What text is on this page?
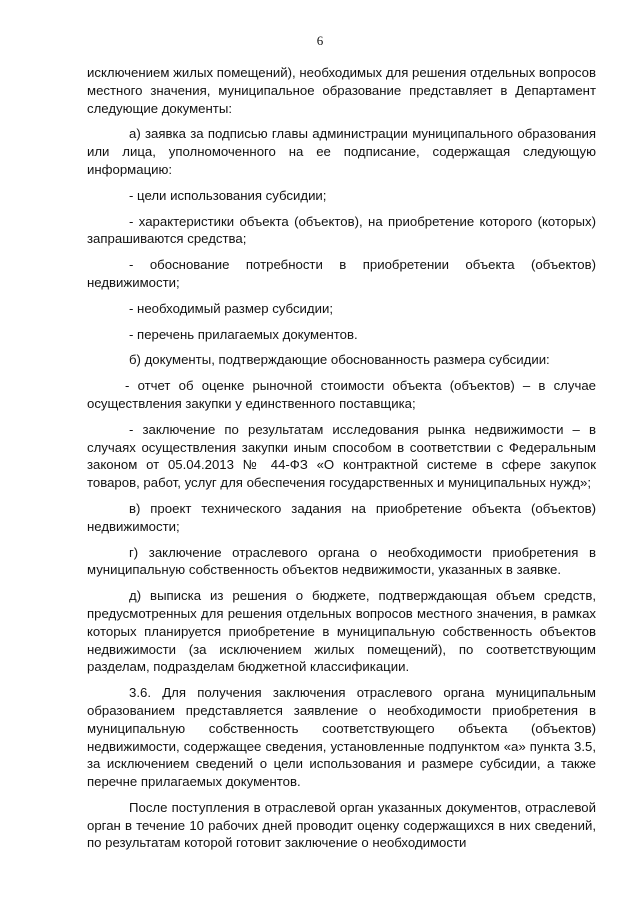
6

исключением жилых помещений), необходимых для решения отдельных вопросов местного значения, муниципальное образование представляет в Департамент следующие документы:

а) заявка за подписью главы администрации муниципального образования или лица, уполномоченного на ее подписание, содержащая следующую информацию:

- цели использования субсидии;

- характеристики объекта (объектов), на приобретение которого (которых) запрашиваются средства;

- обоснование потребности в приобретении объекта (объектов) недвижимости;

- необходимый размер субсидии;

- перечень прилагаемых документов.

б) документы, подтверждающие обоснованность размера субсидии:

- отчет об оценке рыночной стоимости объекта (объектов) – в случае осуществления закупки у единственного поставщика;

- заключение по результатам исследования рынка недвижимости – в случаях осуществления закупки иным способом в соответствии с Федеральным законом от 05.04.2013 № 44-ФЗ «О контрактной системе в сфере закупок товаров, работ, услуг для обеспечения государственных и муниципальных нужд»;

в) проект технического задания на приобретение объекта (объектов) недвижимости;

г) заключение отраслевого органа о необходимости приобретения в муниципальную собственность объектов недвижимости, указанных в заявке.

д) выписка из решения о бюджете, подтверждающая объем средств, предусмотренных для решения отдельных вопросов местного значения, в рамках которых планируется приобретение в муниципальную собственность объектов недвижимости (за исключением жилых помещений), по соответствующим разделам, подразделам бюджетной классификации.

3.6. Для получения заключения отраслевого органа муниципальным образованием представляется заявление о необходимости приобретения в муниципальную собственность соответствующего объекта (объектов) недвижимости, содержащее сведения, установленные подпунктом «а» пункта 3.5, за исключением сведений о цели использования и размере субсидии, а также перечне прилагаемых документов.

После поступления в отраслевой орган указанных документов, отраслевой орган в течение 10 рабочих дней проводит оценку содержащихся в них сведений, по результатам которой готовит заключение о необходимости
